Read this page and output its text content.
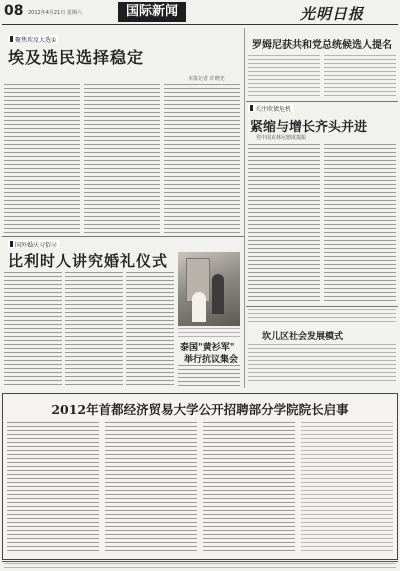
08 2012年4月21日 星期六	国际新闻	光明日报
聚焦埃及大选①
埃及选民选择稳定
本报记者 许晓光
罗姆尼获共和党总统候选人提名
关注欧债危机
紧缩与增长齐头并进
党中国克林尼德欲提振
坎儿区社会发展模式
国外婚庆习俗⑫
比利时人讲究婚礼仪式
泰国"黄衫军"
举行抗议集会
2012年首都经济贸易大学公开招聘部分学院院长启事
